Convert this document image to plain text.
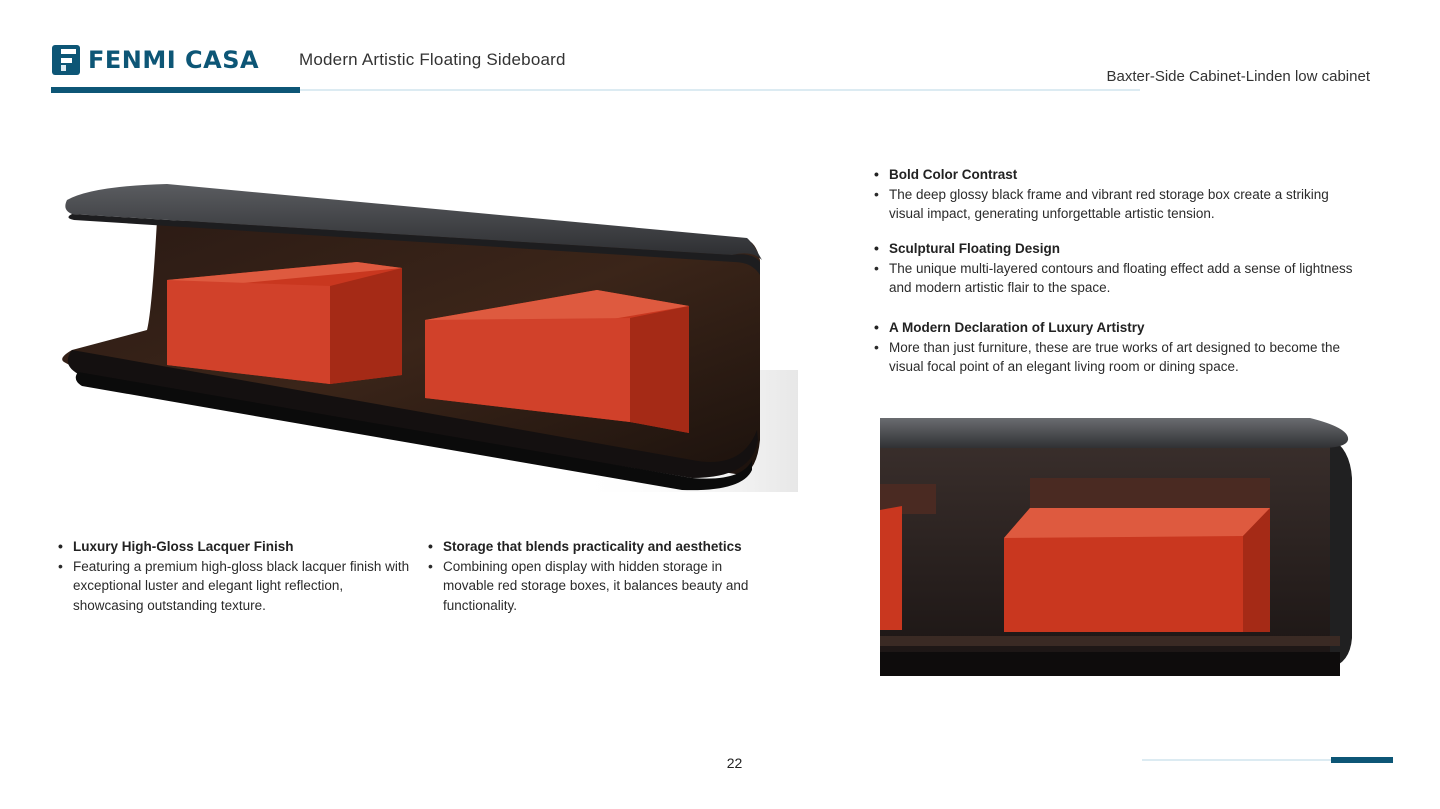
FENMI CASA Modern Artistic Floating Sideboard
Baxter-Side Cabinet-Linden low cabinet
• Bold Color Contrast
• The deep glossy black frame and vibrant red storage box create a striking visual impact, generating unforgettable artistic tension.
• Sculptural Floating Design
• The unique multi-layered contours and floating effect add a sense of lightness and modern artistic flair to the space.
• A Modern Declaration of Luxury Artistry
• More than just furniture, these are true works of art designed to become the visual focal point of an elegant living room or dining space.
• Luxury High-Gloss Lacquer Finish
• Featuring a premium high-gloss black lacquer finish with exceptional luster and elegant light reflection, showcasing outstanding texture.
• Storage that blends practicality and aesthetics
• Combining open display with hidden storage in movable red storage boxes, it balances beauty and functionality.
22
